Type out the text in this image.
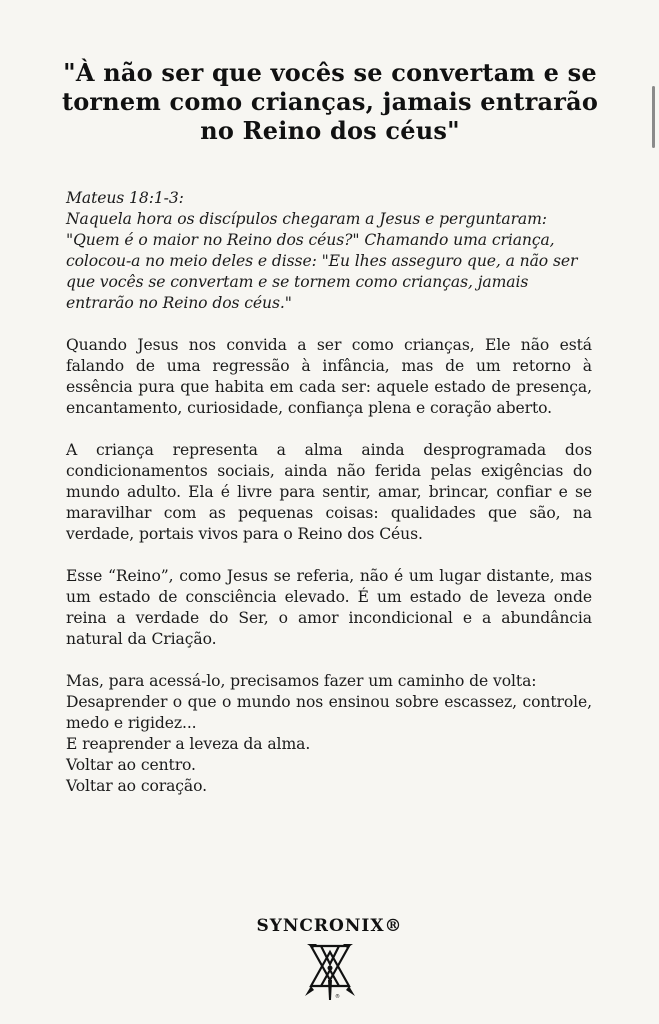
"À não ser que vocês se convertam e se tornem como crianças, jamais entrarão no Reino dos céus"

Mateus 18:1-3:
Naquela hora os discípulos chegaram a Jesus e perguntaram: "Quem é o maior no Reino dos céus?" Chamando uma criança, colocou-a no meio deles e disse: "Eu lhes asseguro que, a não ser que vocês se convertam e se tornem como crianças, jamais entrarão no Reino dos céus."

Quando Jesus nos convida a ser como crianças, Ele não está falando de uma regressão à infância, mas de um retorno à essência pura que habita em cada ser: aquele estado de presença, encantamento, curiosidade, confiança plena e coração aberto.

A criança representa a alma ainda desprogramada dos condicionamentos sociais, ainda não ferida pelas exigências do mundo adulto. Ela é livre para sentir, amar, brincar, confiar e se maravilhar com as pequenas coisas: qualidades que são, na verdade, portais vivos para o Reino dos Céus.

Esse “Reino”, como Jesus se referia, não é um lugar distante, mas um estado de consciência elevado. É um estado de leveza onde reina a verdade do Ser, o amor incondicional e a abundância natural da Criação.

Mas, para acessá-lo, precisamos fazer um caminho de volta:
Desaprender o que o mundo nos ensinou sobre escassez, controle, medo e rigidez...
E reaprender a leveza da alma.
Voltar ao centro.
Voltar ao coração.

SYNCRONIX®
®
